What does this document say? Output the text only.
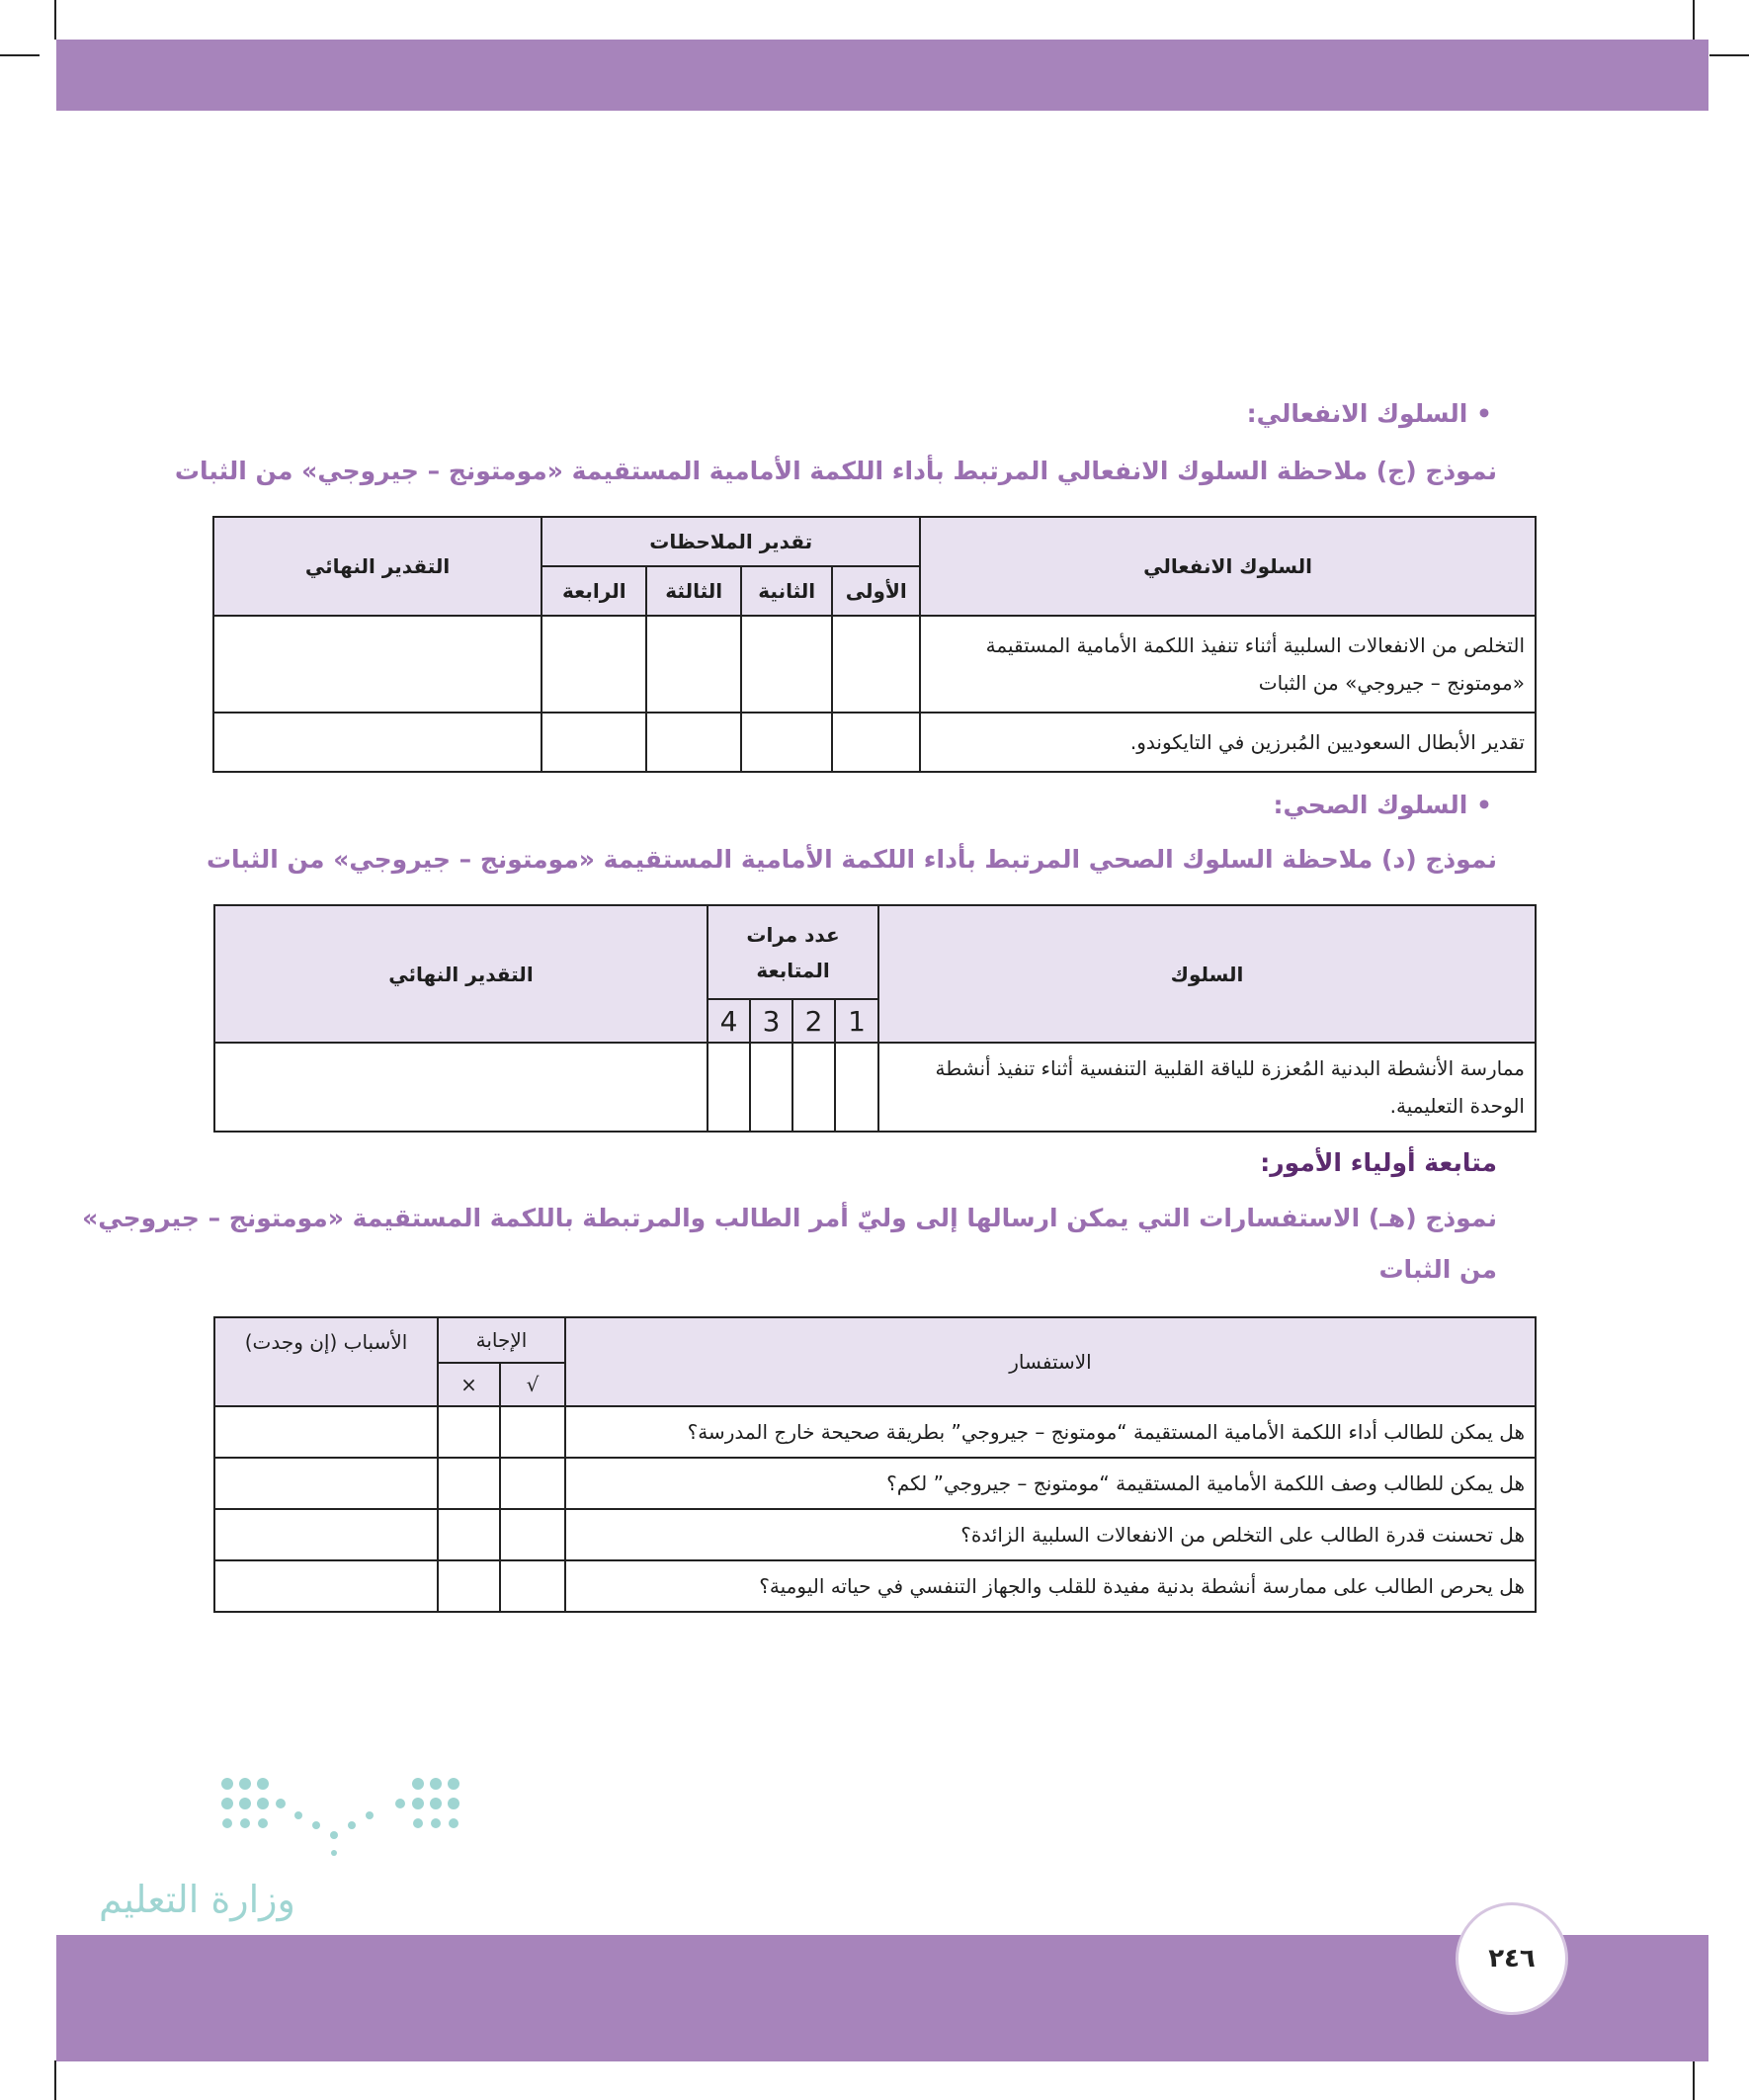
• السلوك الانفعالي:
نموذج (ج) ملاحظة السلوك الانفعالي المرتبط بأداء اللكمة الأمامية المستقيمة «مومتونج – جيروجي» من الثبات
السلوك الانفعالي	تقدير الملاحظات				التقدير النهائي
	الأولى	الثانية	الثالثة	الرابعة	
التخلص من الانفعالات السلبية أثناء تنفيذ اللكمة الأمامية المستقيمة «مومتونج – جيروجي» من الثبات					
تقدير الأبطال السعوديين المُبرزين في التايكوندو.					
• السلوك الصحي:
نموذج (د) ملاحظة السلوك الصحي المرتبط بأداء اللكمة الأمامية المستقيمة «مومتونج – جيروجي» من الثبات
السلوك	عدد مرات المتابعة				التقدير النهائي
	1	2	3	4	
ممارسة الأنشطة البدنية المُعززة للياقة القلبية التنفسية أثناء تنفيذ أنشطة الوحدة التعليمية.					
متابعة أولياء الأمور:
نموذج (هـ) الاستفسارات التي يمكن ارسالها إلى وليّ أمر الطالب والمرتبطة باللكمة المستقيمة «مومتونج – جيروجي»
من الثبات
الاستفسار	الإجابة		الأسباب (إن وجدت)
	√	×	
هل يمكن للطالب أداء اللكمة الأمامية المستقيمة “مومتونج – جيروجي” بطريقة صحيحة خارج المدرسة؟			
هل يمكن للطالب وصف اللكمة الأمامية المستقيمة “مومتونج – جيروجي” لكم؟			
هل تحسنت قدرة الطالب على التخلص من الانفعالات السلبية الزائدة؟			
هل يحرص الطالب على ممارسة أنشطة بدنية مفيدة للقلب والجهاز التنفسي في حياته اليومية؟			
وزارة التعليم
٢٤٦
